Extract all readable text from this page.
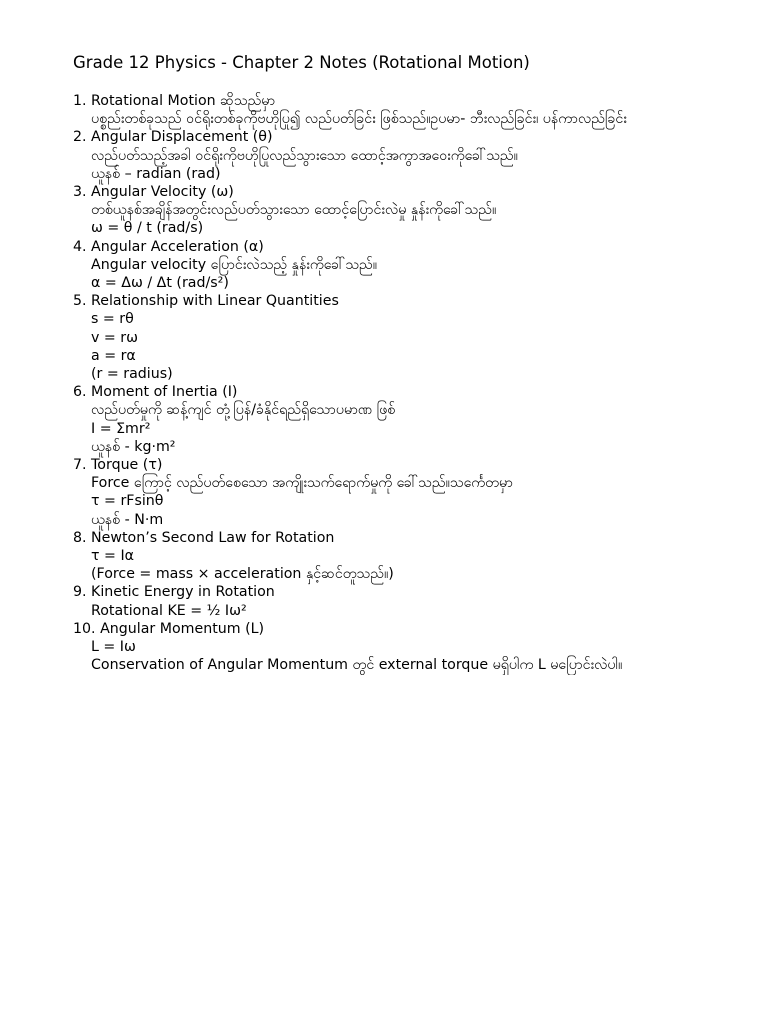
Grade 12 Physics - Chapter 2 Notes (Rotational Motion)
1. Rotational Motion ဆိုသည်မှာ
ပစ္စည်းတစ်ခုသည် ဝင်ရိုးတစ်ခုကိုဗဟိုပြု၍ လည်ပတ်ခြင်း ဖြစ်သည်။ဥပမာ- ဘီးလည်ခြင်း၊ ပန်ကာလည်ခြင်း
2. Angular Displacement (θ)
လည်ပတ်သည့်အခါ ဝင်ရိုးကိုဗဟိုပြုလည်သွားသော ထောင့်အကွာအဝေးကိုခေါ်သည်။
ယူနစ် – radian (rad)
3. Angular Velocity (ω)
တစ်ယူနစ်အချိန်အတွင်းလည်ပတ်သွားသော ထောင့်ပြောင်းလဲမှု နှုန်းကိုခေါ်သည်။
ω = θ / t (rad/s)
4. Angular Acceleration (α)
Angular velocity ပြောင်းလဲသည့် နှုန်းကိုခေါ်သည်။
α = Δω / Δt (rad/s²)
5. Relationship with Linear Quantities
s = rθ
v = rω
a = rα
(r = radius)
6. Moment of Inertia (I)
လည်ပတ်မှုကို ဆန့်ကျင် တုံ့ပြန်/ခံနိုင်ရည်ရှိသောပမာဏ ဖြစ်
I = Σmr²
ယူနစ် - kg·m²
7. Torque (τ)
Force ကြောင့် လည်ပတ်စေသော အကျိုးသက်ရောက်မှုကို ခေါ်သည်။သင်္ကေတမှာ
τ = rFsinθ
ယူနစ် - N·m
8. Newton’s Second Law for Rotation
τ = Iα
(Force = mass × acceleration နှင့်ဆင်တူသည်။)
9. Kinetic Energy in Rotation
Rotational KE = ½ Iω²
10. Angular Momentum (L)
L = Iω
Conservation of Angular Momentum တွင် external torque မရှိပါက L မပြောင်းလဲပါ။
